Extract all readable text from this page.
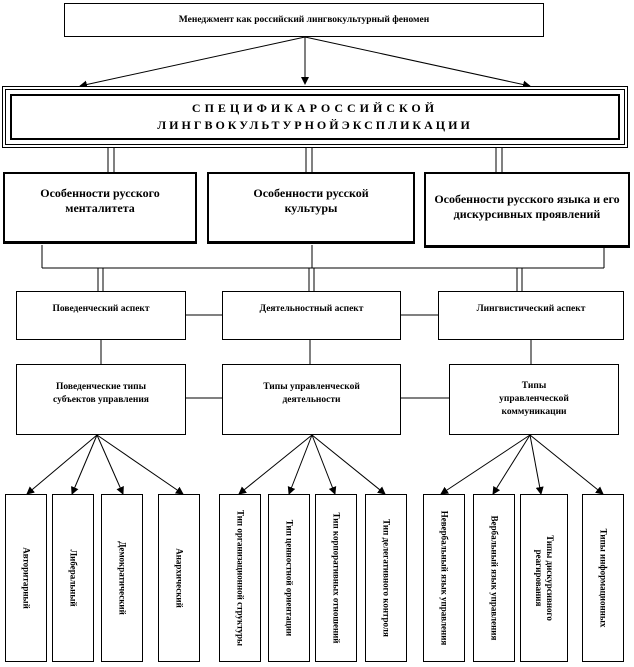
Менеджмент как российский лингвокультурный феномен
СПЕЦИФИКАРОССИЙСКОЙ
ЛИНГВОКУЛЬТУРНОЙЭКСПЛИКАЦИИ
Особенности русского менталитета
Особенности русской культуры
Особенности русского языка и его дискурсивных проявлений
Поведенческий аспект	Деятельностный аспект	Лингвистический аспект
Поведенческие типы субъектов управления
Типы управленческой деятельности
Типы управленческой коммуникации
Авторитарный	Либеральный	Демократический	Анархический	Тип организационной структуры	Тип ценностной ориентации	Тип корпоративных отношений	Тип делегативного контроля	Невербальный язык управления	Вербальный язык управления	Типы дискурсивного реагирования	Типы информационных
